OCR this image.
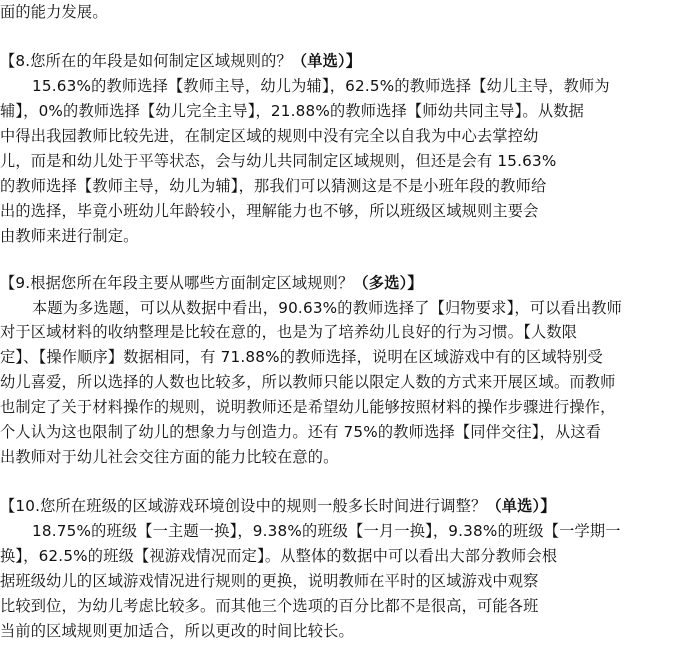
面的能力发展。
【8.您所在的年段是如何制定区域规则的？（单选）】
15.63%的教师选择【教师主导，幼儿为辅】，62.5%的教师选择【幼儿主导，教师为
辅】，0%的教师选择【幼儿完全主导】，21.88%的教师选择【师幼共同主导】。从数据
中得出我园教师比较先进，在制定区域的规则中没有完全以自我为中心去掌控幼
儿，而是和幼儿处于平等状态，会与幼儿共同制定区域规则，但还是会有 15.63%
的教师选择【教师主导，幼儿为辅】，那我们可以猜测这是不是小班年段的教师给
出的选择，毕竟小班幼儿年龄较小，理解能力也不够，所以班级区域规则主要会
由教师来进行制定。
【9.根据您所在年段主要从哪些方面制定区域规则？（多选）】
本题为多选题，可以从数据中看出，90.63%的教师选择了【归物要求】，可以看出教师
对于区域材料的收纳整理是比较在意的，也是为了培养幼儿良好的行为习惯。【人数限
定】、【操作顺序】数据相同，有 71.88%的教师选择，说明在区域游戏中有的区域特别受
幼儿喜爱，所以选择的人数也比较多，所以教师只能以限定人数的方式来开展区域。而教师
也制定了关于材料操作的规则，说明教师还是希望幼儿能够按照材料的操作步骤进行操作，
个人认为这也限制了幼儿的想象力与创造力。还有 75%的教师选择【同伴交往】，从这看
出教师对于幼儿社会交往方面的能力比较在意的。
【10.您所在班级的区域游戏环境创设中的规则一般多长时间进行调整？（单选）】
18.75%的班级【一主题一换】，9.38%的班级【一月一换】，9.38%的班级【一学期一
换】，62.5%的班级【视游戏情况而定】。从整体的数据中可以看出大部分教师会根
据班级幼儿的区域游戏情况进行规则的更换，说明教师在平时的区域游戏中观察
比较到位，为幼儿考虑比较多。而其他三个选项的百分比都不是很高，可能各班
当前的区域规则更加适合，所以更改的时间比较长。
